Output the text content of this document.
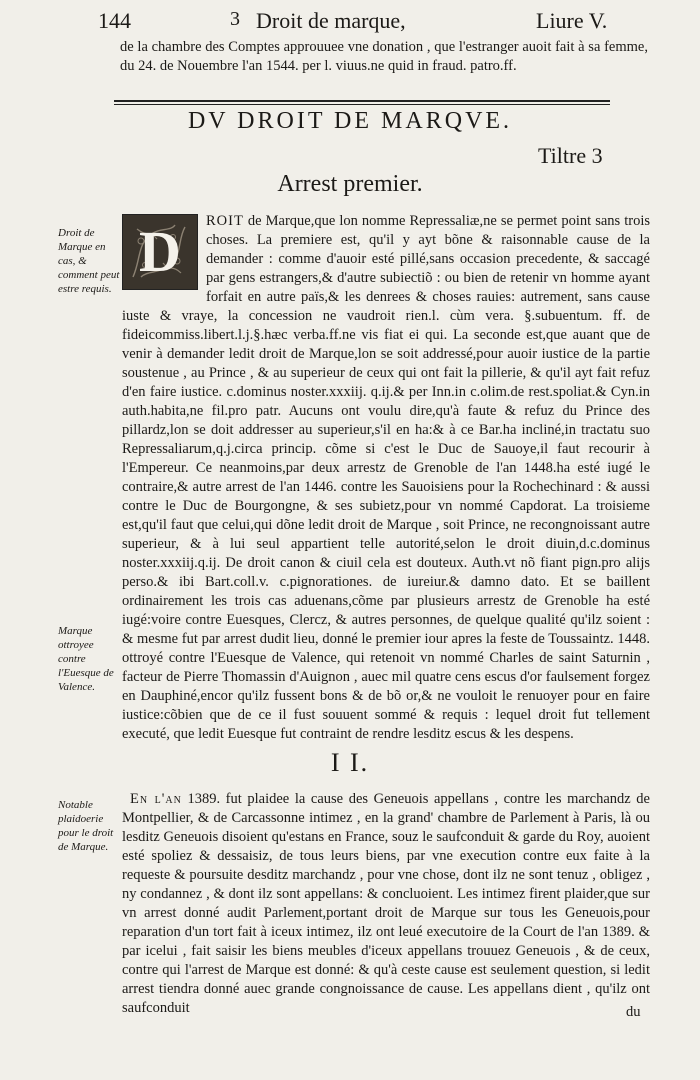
144	3 Droit de marque,	Liure V.
de la chambre des Comptes approuuee vne donation , que l'estranger auoit fait à sa femme, du 24. de Nouembre l'an 1544. per l. viuus.ne quid in fraud. patro.ff.
DV DROIT DE MARQVE.
Tiltre 3
Arrest premier.
Droit de Marque en cas, & comment peut estre requis.
Marque ottroyee contre l'Euesque de Valence.
Notable plaidoerie pour le droit de Marque.

D ROIT de Marque,que lon nomme Repressaliæ,ne se permet point sans trois choses. La premiere est, qu'il y ayt bõne & raisonnable cause de la demander : comme d'auoir esté pillé,sans occasion precedente, & saccagé par gens estrangers,& d'autre subiectiõ : ou bien de retenir vn homme ayant forfait en autre païs,& les denrees & choses rauies: autrement, sans cause iuste & vraye, la concession ne vaudroit rien.l. cùm vera. §.subuentum. ff. de fideicommiss.libert.l.j.§.hæc verba.ff.ne vis fiat ei qui. La seconde est,que auant que de venir à demander ledit droit de Marque,lon se soit addressé,pour auoir iustice de la partie soustenue , au Prince , & au superieur de ceux qui ont fait la pillerie, & qu'il ayt fait refuz d'en faire iustice. c.dominus noster.xxxiij. q.ij.& per Inn.in c.olim.de rest.spoliat.& Cyn.in auth.habita,ne fil.pro patr. Aucuns ont voulu dire,qu'à faute & refuz du Prince des pillardz,lon se doit addresser au superieur,s'il en ha:& à ce Bar.ha incliné,in tractatu suo Repressaliarum,q.j.circa princip. cõme si c'est le Duc de Sauoye,il faut recourir à l'Empereur. Ce neanmoins,par deux arrestz de Grenoble de l'an 1448.ha esté iugé le contraire,& autre arrest de l'an 1446. contre les Sauoisiens pour la Rochechinard : & aussi contre le Duc de Bourgongne, & ses subietz,pour vn nommé Capdorat. La troisieme est,qu'il faut que celui,qui dõne ledit droit de Marque , soit Prince, ne recongnoissant autre superieur, & à lui seul appartient telle autorité,selon le droit diuin,d.c.dominus noster.xxxiij.q.ij. De droit canon & ciuil cela est douteux. Auth.vt nõ fiant pign.pro alijs perso.& ibi Bart.coll.v. c.pignorationes. de iureiur.& damno dato. Et se baillent ordinairement les trois cas aduenans,cõme par plusieurs arrestz de Grenoble ha esté iugé:voire contre Euesques, Clercz, & autres personnes, de quelque qualité qu'ilz soient : & mesme fut par arrest dudit lieu, donné le premier iour apres la feste de Toussaintz. 1448. ottroyé contre l'Euesque de Valence, qui retenoit vn nommé Charles de saint Saturnin , facteur de Pierre Thomassin d'Auignon , auec mil quatre cens escus d'or faulsement forgez en Dauphiné,encor qu'ilz fussent bons & de bõ or,& ne vouloit le renuoyer pour en faire iustice:cõbien que de ce il fust souuent sommé & requis : lequel droit fut tellement executé, que ledit Euesque fut contraint de rendre lesditz escus & les despens.

I I.

En l'an 1389. fut plaidee la cause des Geneuois appellans , contre les marchandz de Montpellier, & de Carcassonne intimez , en la grand' chambre de Parlement à Paris, là ou lesditz Geneuois disoient qu'estans en France, souz le saufconduit & garde du Roy, auoient esté spoliez & dessaisiz, de tous leurs biens, par vne execution contre eux faite à la requeste & poursuite desditz marchandz , pour vne chose, dont ilz ne sont tenuz , obligez , ny condannez , & dont ilz sont appellans: & concluoient. Les intimez firent plaider,que sur vn arrest donné audit Parlement,portant droit de Marque sur tous les Geneuois,pour reparation d'un tort fait à iceux intimez, ilz ont leué executoire de la Court de l'an 1389. & par icelui , fait saisir les biens meubles d'iceux appellans trouuez Geneuois , & de ceux, contre qui l'arrest de Marque est donné: & qu'à ceste cause est seulement question, si ledit arrest tiendra donné auec grande congnoissance de cause. Les appellans dient , qu'ilz ont saufconduit	du
